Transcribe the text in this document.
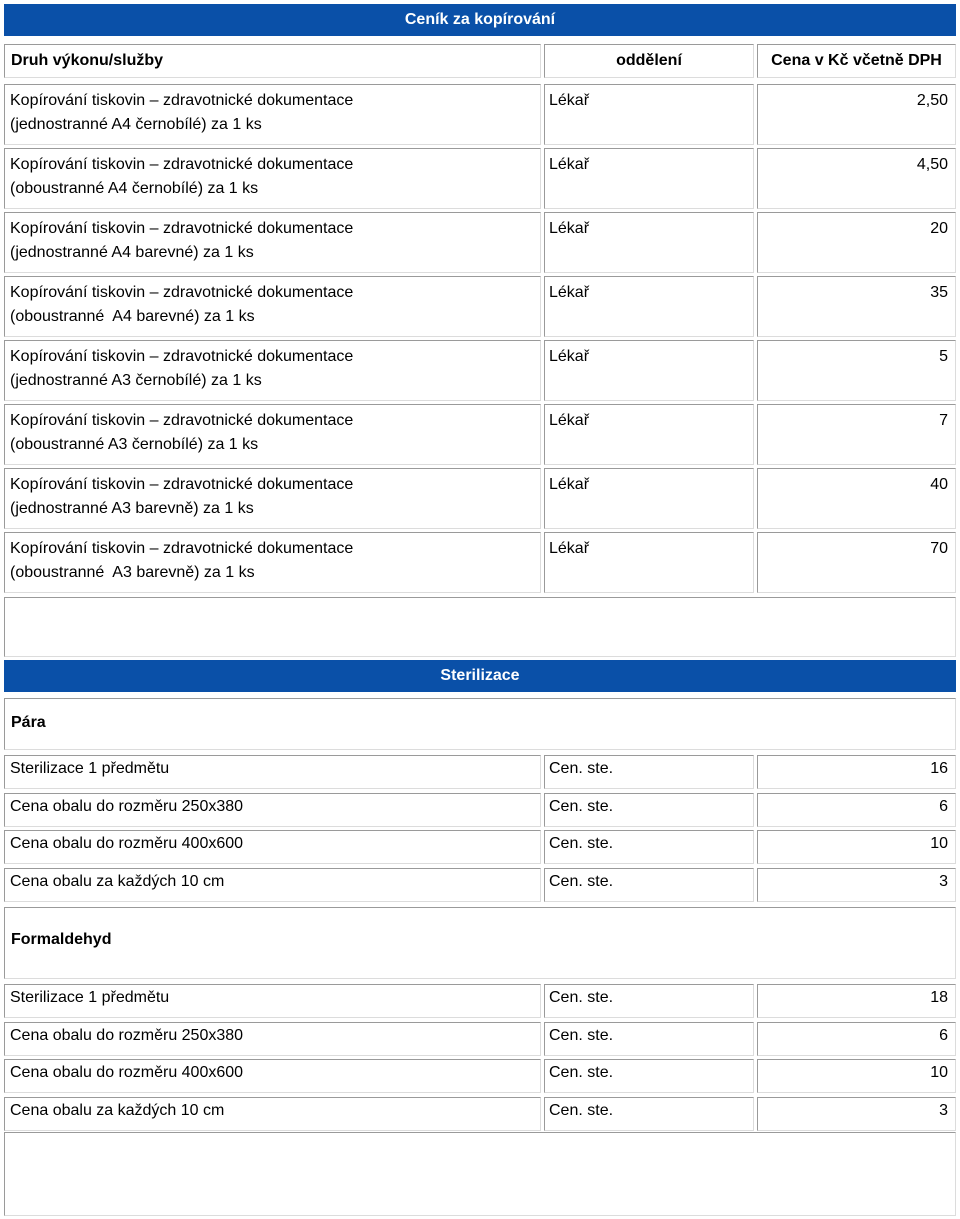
Ceník za kopírování
Druh výkonu/služby	oddělení	Cena v Kč včetně DPH
Kopírování tiskovin – zdravotnické dokumentace
(jednostranné A4 černobílé) za 1 ks
Lékař	2,50
Kopírování tiskovin – zdravotnické dokumentace
(oboustranné A4 černobílé) za 1 ks
Lékař	4,50
Kopírování tiskovin – zdravotnické dokumentace
(jednostranné A4 barevné) za 1 ks
Lékař	20
Kopírování tiskovin – zdravotnické dokumentace
(oboustranné  A4 barevné) za 1 ks
Lékař	35
Kopírování tiskovin – zdravotnické dokumentace
(jednostranné A3 černobílé) za 1 ks
Lékař	5
Kopírování tiskovin – zdravotnické dokumentace
(oboustranné A3 černobílé) za 1 ks
Lékař	7
Kopírování tiskovin – zdravotnické dokumentace
(jednostranné A3 barevně) za 1 ks
Lékař	40
Kopírování tiskovin – zdravotnické dokumentace
(oboustranné  A3 barevně) za 1 ks
Lékař	70
Sterilizace
Pára
Sterilizace 1 předmětu	Cen. ste.	16
Cena obalu do rozměru 250x380	Cen. ste.	6
Cena obalu do rozměru 400x600	Cen. ste.	10
Cena obalu za každých 10 cm	Cen. ste.	3
Formaldehyd
Sterilizace 1 předmětu	Cen. ste.	18
Cena obalu do rozměru 250x380	Cen. ste.	6
Cena obalu do rozměru 400x600	Cen. ste.	10
Cena obalu za každých 10 cm	Cen. ste.	3
